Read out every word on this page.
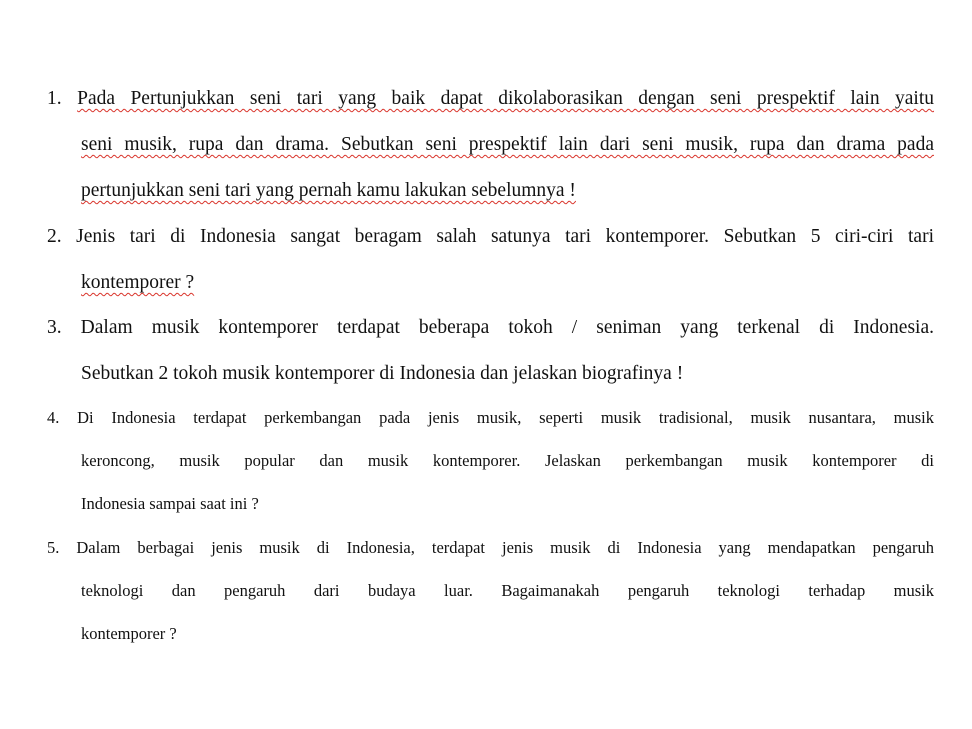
1. Pada Pertunjukkan seni tari yang baik dapat dikolaborasikan dengan seni prespektif lain yaitu
seni musik, rupa dan drama. Sebutkan seni prespektif lain dari seni musik, rupa dan drama pada
pertunjukkan seni tari yang pernah kamu lakukan sebelumnya !
2. Jenis tari di Indonesia sangat beragam salah satunya tari kontemporer. Sebutkan 5 ciri-ciri tari
kontemporer ?
3. Dalam musik kontemporer terdapat beberapa tokoh / seniman yang terkenal di Indonesia.
Sebutkan 2 tokoh musik kontemporer di Indonesia dan jelaskan biografinya !
4. Di Indonesia terdapat perkembangan pada jenis musik, seperti musik tradisional, musik nusantara, musik
keroncong, musik popular dan musik kontemporer. Jelaskan perkembangan musik kontemporer di
Indonesia sampai saat ini ?
5. Dalam berbagai jenis musik di Indonesia, terdapat jenis musik di Indonesia yang mendapatkan pengaruh
teknologi dan pengaruh dari budaya luar. Bagaimanakah pengaruh teknologi terhadap musik
kontemporer ?
